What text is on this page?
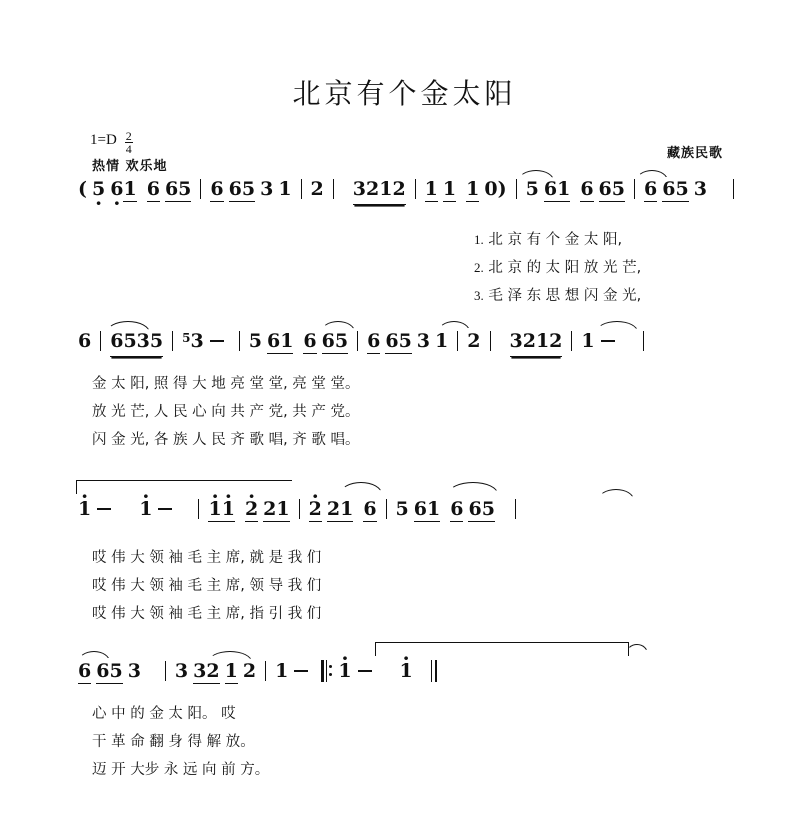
北京有个金太阳
$1=D \frac{2}{4}$
热情 欢乐地
藏族民歌
( 5 · 6 ·1 6 65 6 65 3 1 2 3212 1 1 1 0) 5 61 6 65 6 65 3
1. 北 京 有 个 金 太 阳,
2. 北 京 的 太 阳 放 光 芒,
3. 毛 泽 东 思 想 闪 金 光,
6 6535 5
3 5 61 6 65 6 65 3 1 2 3212 1
金 太 阳, 照 得 大 地 亮 堂 堂, 亮 堂 堂。
放 光 芒, 人 民 心 向 共 产 党, 共 产 党。
闪 金 光, 各 族 人 民 齐 歌 唱, 齐 歌 唱。
1 ·	1 ·	1 ·1 · 2 · 21 2 · 21 6 5 61 6 65
哎 伟 大 领 袖 毛 主 席, 就 是 我 们
哎 伟 大 领 袖 毛 主 席, 领 导 我 们
哎 伟 大 领 袖 毛 主 席, 指 引 我 们
6 65 3 3 32 1 2 1	1 ·	1 ·
心 中 的 金 太 阳。 哎
干 革 命 翻 身 得 解 放。
迈 开 大步 永 远 向 前 方。
